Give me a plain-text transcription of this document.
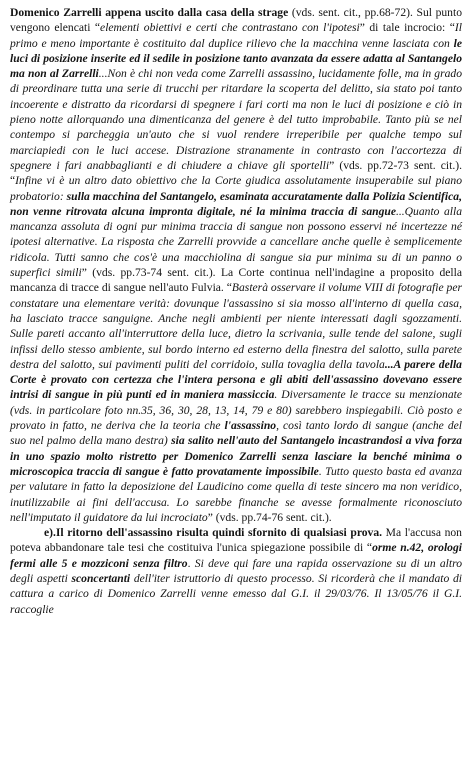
Domenico Zarrelli appena uscito dalla casa della strage (vds. sent. cit., pp.68-72). Sul punto vengono elencati “elementi obiettivi e certi che contrastano con l'ipotesi” di tale incrocio: “Il primo e meno importante è costituito dal duplice rilievo che la macchina venne lasciata con le luci di posizione inserite ed il sedile in posizione tanto avanzata da essere adatta al Santangelo ma non al Zarrelli...Non è chi non veda come Zarrelli assassino, lucidamente folle, ma in grado di preordinare tutta una serie di trucchi per ritardare la scoperta del delitto, sia stato poi tanto incoerente e distratto da ricordarsi di spegnere i fari corti ma non le luci di posizione e ciò in pieno notte allorquando una dimenticanza del genere è del tutto improbabile. Tanto più se nel contempo si parcheggia un'auto che si vuol rendere irreperibile per qualche tempo sul marciapiedi con le luci accese. Distrazione stranamente in contrasto con l'accortezza di spegnere i fari anabbaglianti e di chiudere a chiave gli sportelli” (vds. pp.72-73 sent. cit.). “Infine vi è un altro dato obiettivo che la Corte giudica assolutamente insuperabile sul piano probatorio: sulla macchina del Santangelo, esaminata accuratamente dalla Polizia Scientifica, non venne ritrovata alcuna impronta digitale, né la minima traccia di sangue...Quanto alla mancanza assoluta di ogni pur minima traccia di sangue non possono esservi né incertezze né ipotesi alternative. La risposta che Zarrelli provvide a cancellare anche quelle è semplicemente ridicola. Tutti sanno che cos'è una macchiolina di sangue sia pur minima su di un panno o superfici simili” (vds. pp.73-74 sent. cit.). La Corte continua nell'indagine a proposito della mancanza di tracce di sangue nell'auto Fulvia. “Basterà osservare il volume VIII di fotografie per constatare una elementare verità: dovunque l'assassino si sia mosso all'interno di quella casa, ha lasciato tracce sanguigne. Anche negli ambienti per niente interessati dagli sgozzamenti. Sulle pareti accanto all'interruttore della luce, dietro la scrivania, sulle tende del salone, sugli infissi dello stesso ambiente, sul bordo interno ed esterno della finestra del salotto, sulla parete destra del salotto, sui pavimenti puliti del corridoio, sulla tovaglia della tavola...A parere della Corte è provato con certezza che l'intera persona e gli abiti dell'assassino dovevano essere intrisi di sangue in più punti ed in maniera massiccia. Diversamente le tracce su menzionate (vds. in particolare foto nn.35, 36, 30, 28, 13, 14, 79 e 80) sarebbero inspiegabili. Ciò posto e provato in fatto, ne deriva che la teoria che l'assassino, così tanto lordo di sangue (anche del suo nel palmo della mano destra) sia salito nell'auto del Santangelo incastrandosi a viva forza in uno spazio molto ristretto per Domenico Zarrelli senza lasciare la benché minima o microscopica traccia di sangue è fatto provatamente impossibile. Tutto questo basta ed avanza per valutare in fatto la deposizione del Laudicino come quella di teste sincero ma non veridico, inutilizzabile ai fini dell'accusa. Lo sarebbe finanche se avesse formalmente riconosciuto nell'imputato il guidatore da lui incrociato” (vds. pp.74-76 sent. cit.).

e).Il ritorno dell'assassino risulta quindi sfornito di qualsiasi prova. Ma l'accusa non poteva abbandonare tale tesi che costituiva l'unica spiegazione possibile di “orme n.42, orologi fermi alle 5 e mozziconi senza filtro. Si deve qui fare una rapida osservazione su di un altro degli aspetti sconcertanti dell'iter istruttorio di questo processo. Si ricorderà che il mandato di cattura a carico di Domenico Zarrelli venne emesso dal G.I. il 29/03/76. Il 13/05/76 il G.I. raccoglie
